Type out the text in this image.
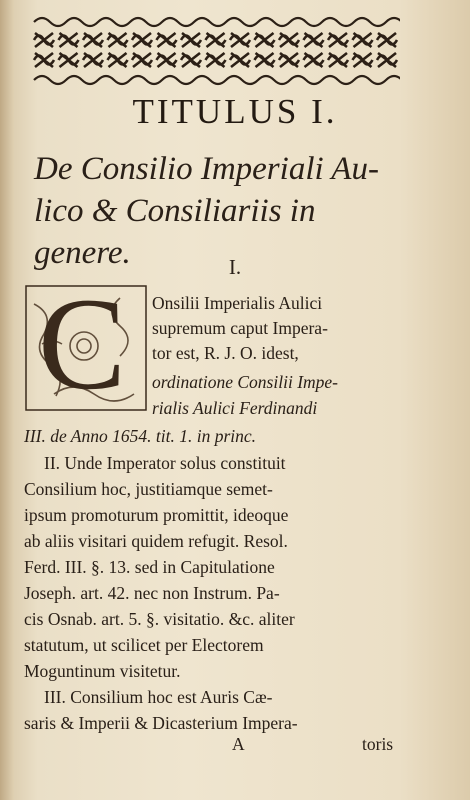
TITULUS I.
De Consilio Imperiali Au-
lico & Consiliariis in
genere.	I.
C Onsilii Imperialis Aulici
supremum caput Impera-
tor est, R. J. O. idest,
ordinatione Consilii Impe-
rialis Aulici Ferdinandi
III. de Anno 1654. tit. 1. in princ.
II. Unde Imperator solus constituit
Consilium hoc, justitiamque semet-
ipsum promoturum promittit, ideoque
ab aliis visitari quidem refugit. Resol.
Ferd. III. §. 13. sed in Capitulatione
Joseph. art. 42. nec non Instrum. Pa-
cis Osnab. art. 5. §. visitatio. &c. aliter
statutum, ut scilicet per Electorem
Moguntinum visitetur.
III. Consilium hoc est Auris Cæ-
saris & Imperii & Dicasterium Impera-
A	toris
